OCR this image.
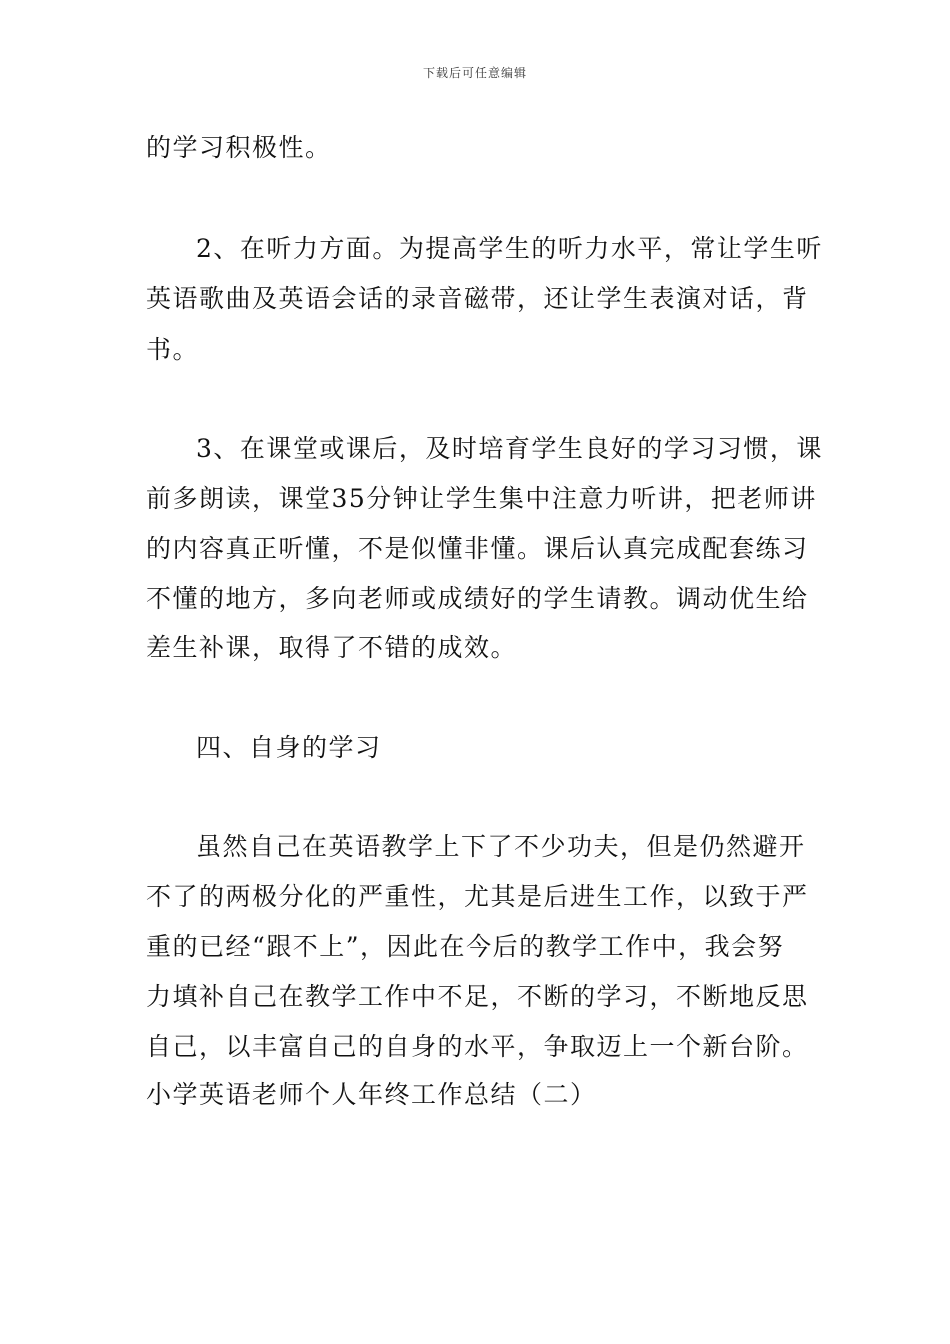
下载后可任意编辑
的学习积极性。
2、在听力方面。为提高学生的听力水平，常让学生听
英语歌曲及英语会话的录音磁带，还让学生表演对话，背
书。
3、在课堂或课后，及时培育学生良好的学习习惯，课
前多朗读，课堂35分钟让学生集中注意力听讲，把老师讲
的内容真正听懂，不是似懂非懂。课后认真完成配套练习
不懂的地方，多向老师或成绩好的学生请教。调动优生给
差生补课，取得了不错的成效。
四、自身的学习
虽然自己在英语教学上下了不少功夫，但是仍然避开
不了的两极分化的严重性，尤其是后进生工作，以致于严
重的已经“跟不上”，因此在今后的教学工作中，我会努
力填补自己在教学工作中不足，不断的学习，不断地反思
自己，以丰富自己的自身的水平，争取迈上一个新台阶。
小学英语老师个人年终工作总结（二）
